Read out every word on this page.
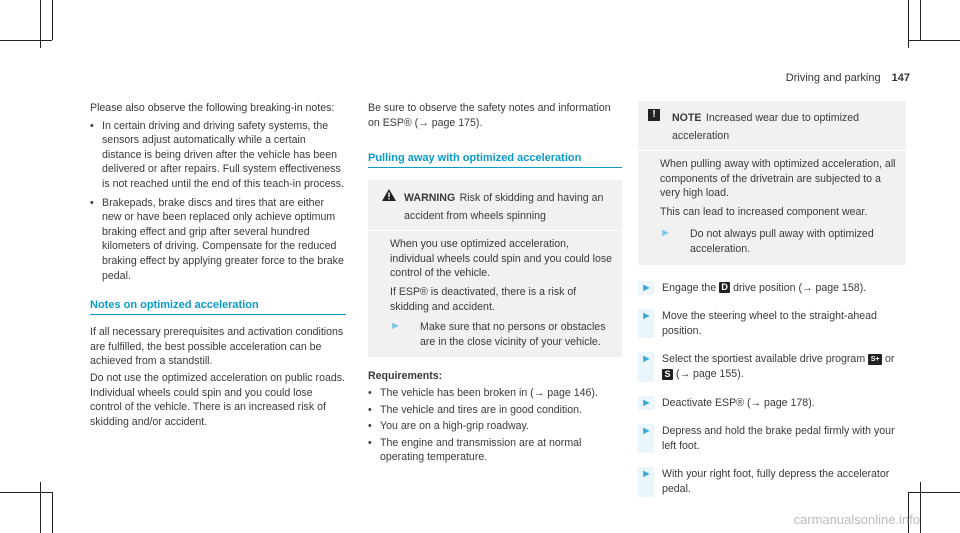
Driving and parking 147

Please also observe the following breaking-in notes:

• In certain driving and driving safety systems, the sensors adjust automatically while a certain distance is being driven after the vehicle has been delivered or after repairs. Full system effectiveness is not reached until the end of this teach-in process.
• Brakepads, brake discs and tires that are either new or have been replaced only achieve optimum braking effect and grip after several hundred kilometers of driving. Compensate for the reduced braking effect by applying greater force to the brake pedal.

Notes on optimized acceleration

If all necessary prerequisites and activation conditions are fulfilled, the best possible acceleration can be achieved from a standstill.

Do not use the optimized acceleration on public roads. Individual wheels could spin and you could lose control of the vehicle. There is an increased risk of skidding and/or accident.

Be sure to observe the safety notes and information on ESP® (→ page 175).

Pulling away with optimized acceleration

WARNING Risk of skidding and having an accident from wheels spinning

When you use optimized acceleration, individual wheels could spin and you could lose control of the vehicle.

If ESP® is deactivated, there is a risk of skidding and accident.

► Make sure that no persons or obstacles are in the close vicinity of your vehicle.

Requirements:

• The vehicle has been broken in (→ page 146).
• The vehicle and tires are in good condition.
• You are on a high-grip roadway.
• The engine and transmission are at normal operating temperature.
!	NOTE Increased wear due to optimized acceleration

When pulling away with optimized acceleration, all components of the drivetrain are subjected to a very high load.

This can lead to increased component wear.

► Do not always pull away with optimized acceleration.

► Engage the D drive position (→ page 158).

► Move the steering wheel to the straight-ahead position.

► Select the sportiest available drive program S+ or S (→ page 155).

► Deactivate ESP® (→ page 178).

► Depress and hold the brake pedal firmly with your left foot.

► With your right foot, fully depress the accelerator pedal.

carmanualsonline.info
